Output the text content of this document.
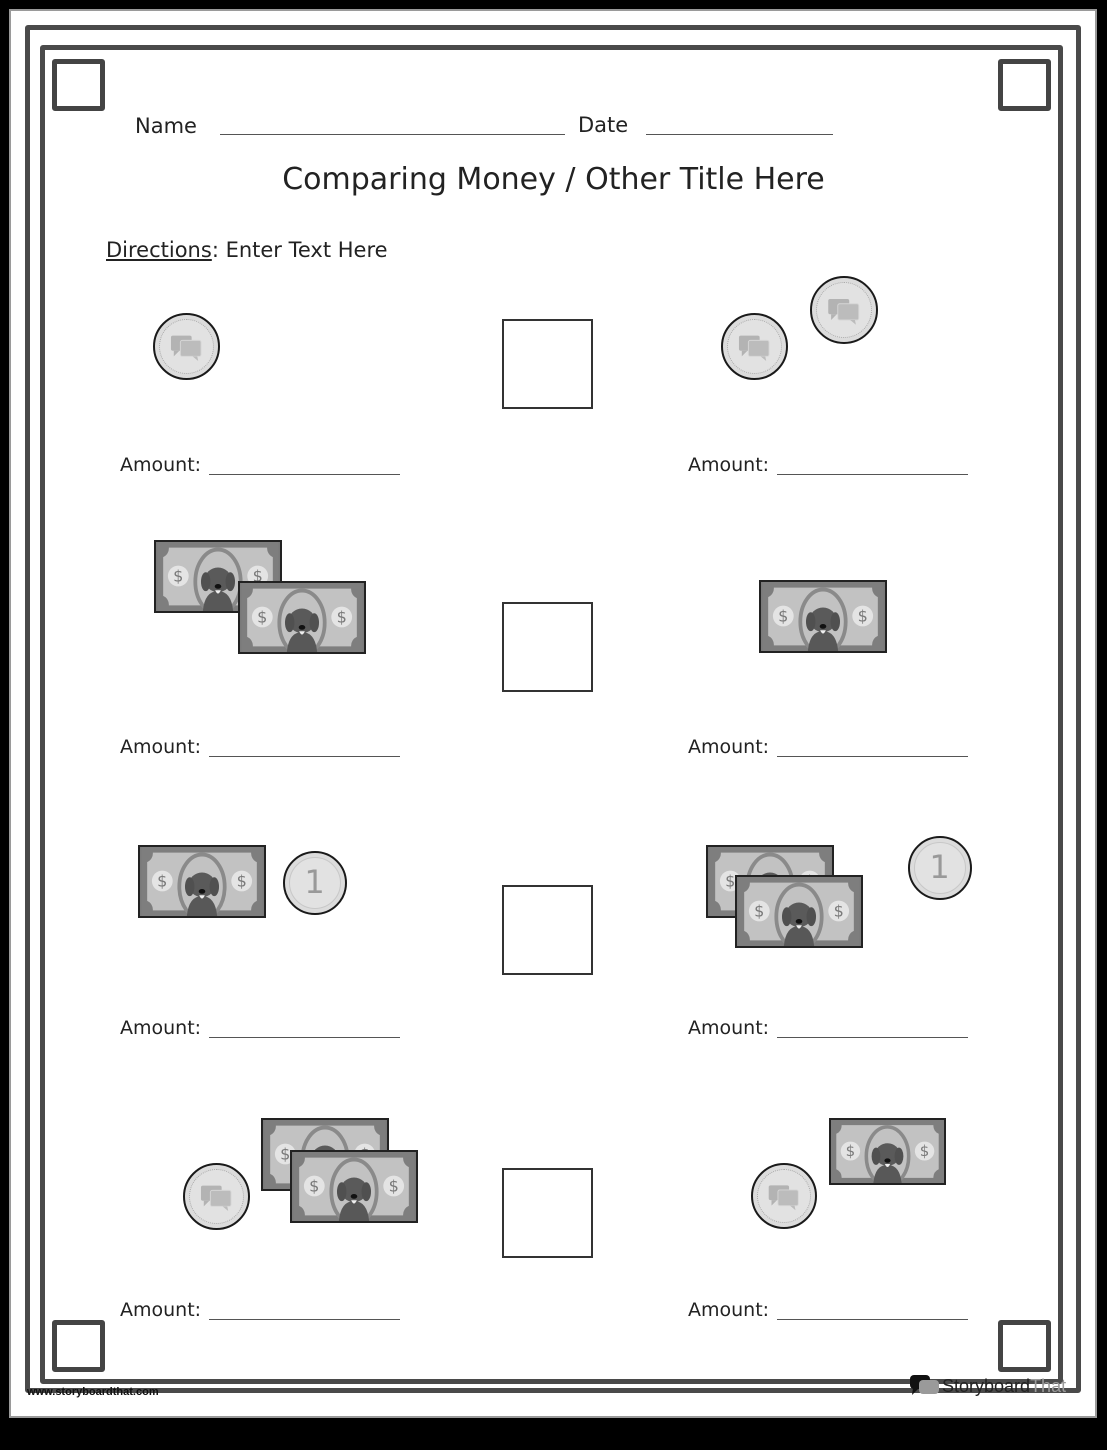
Name	Date
Comparing Money / Other Title Here
Directions: Enter Text Here
Amount:	Amount:
Amount:	Amount:
Amount:	Amount:
Amount:	Amount:
1	1
www.storyboardthat.com	StoryboardThat
